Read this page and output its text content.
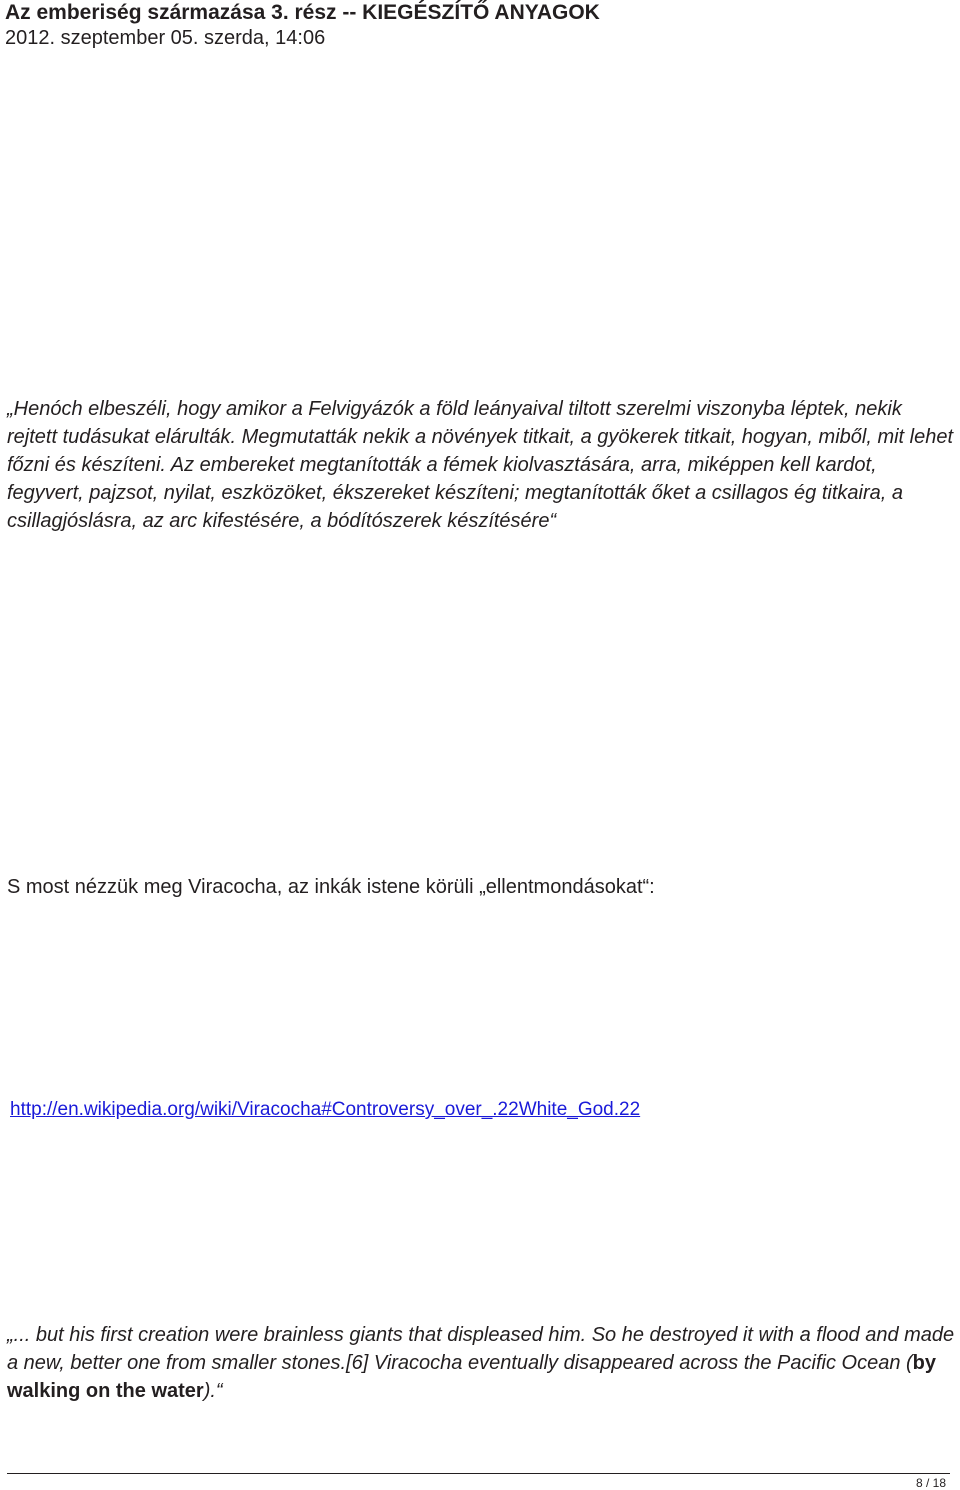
Az emberiség származása 3. rész -- KIEGÉSZÍTŐ ANYAGOK

2012. szeptember 05. szerda, 14:06

„Henóch elbeszéli, hogy amikor a Felvigyázók a föld leányaival tiltott szerelmi viszonyba léptek, nekik rejtett tudásukat elárulták. Megmutatták nekik a növények titkait, a gyökerek titkait, hogyan, miből, mit lehet főzni és készíteni. Az embereket megtanították a fémek kiolvasztására, arra, miképpen kell kardot, fegyvert, pajzsot, nyilat, eszközöket, ékszereket készíteni; megtanították őket a csillagos ég titkaira, a csillagjóslásra, az arc kifestésére, a bódítószerek készítésére“

S most nézzük meg Viracocha, az inkák istene körüli „ellentmondásokat“:

http://en.wikipedia.org/wiki/Viracocha#Controversy_over_.22White_God.22

„... but his first creation were brainless giants that displeased him. So he destroyed it with a flood and made a new, better one from smaller stones.[6] Viracocha eventually disappeared across the Pacific Ocean (by walking on the water).“

8 / 18
